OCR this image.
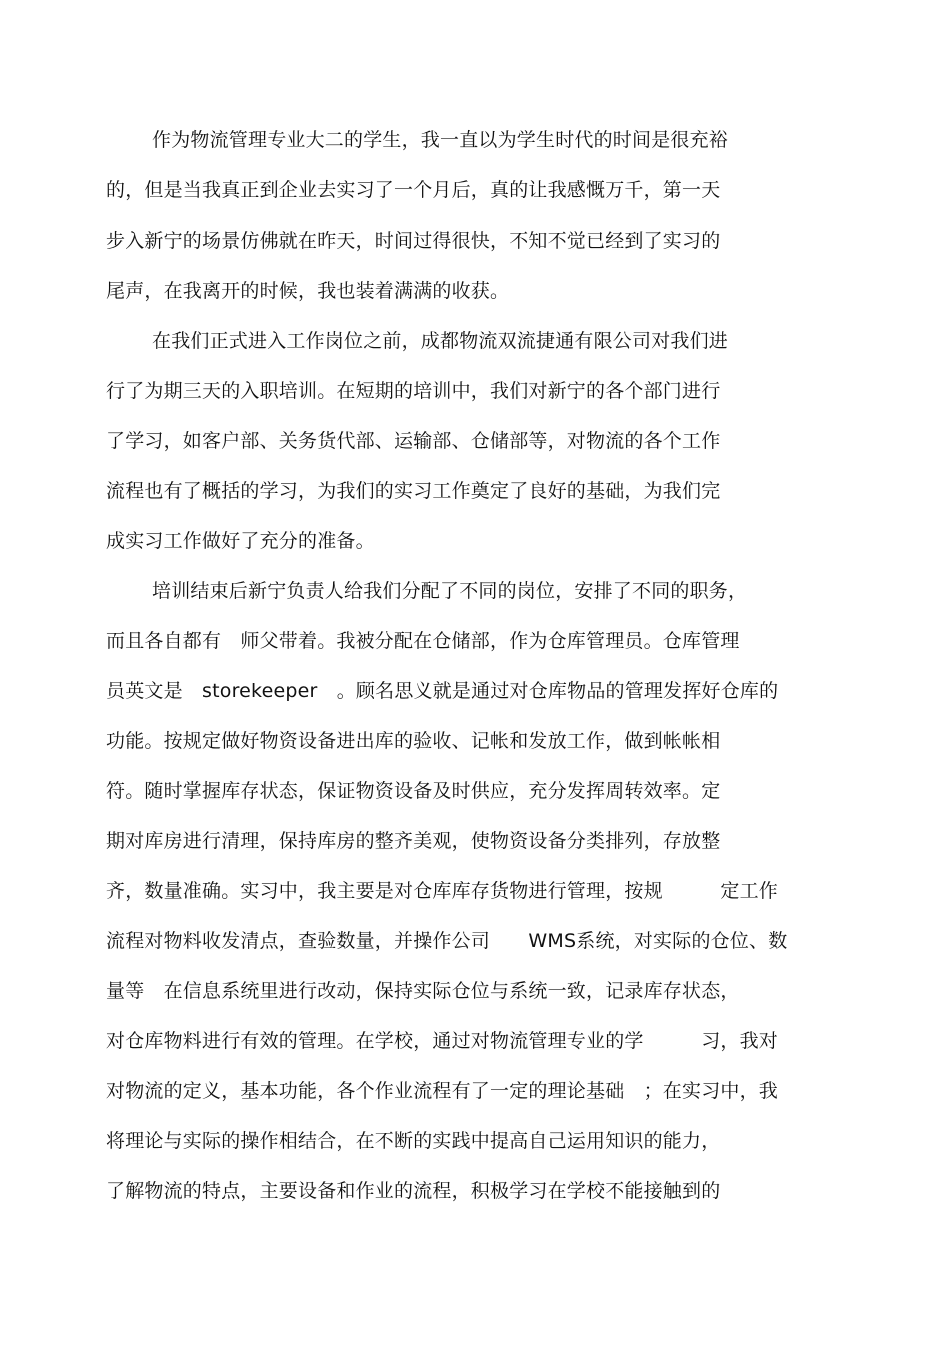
作为物流管理专业大二的学生，我一直以为学生时代的时间是很充裕
的，但是当我真正到企业去实习了一个月后，真的让我感慨万千，第一天
步入新宁的场景仿佛就在昨天，时间过得很快，不知不觉已经到了实习的
尾声，在我离开的时候，我也装着满满的收获。
在我们正式进入工作岗位之前，成都物流双流捷通有限公司对我们进
行了为期三天的入职培训。在短期的培训中，我们对新宁的各个部门进行
了学习，如客户部、关务货代部、运输部、仓储部等，对物流的各个工作
流程也有了概括的学习，为我们的实习工作奠定了良好的基础，为我们完
成实习工作做好了充分的准备。
培训结束后新宁负责人给我们分配了不同的岗位，安排了不同的职务，
而且各自都有　师父带着。我被分配在仓储部，作为仓库管理员。仓库管理
员英文是　storekeeper　。顾名思义就是通过对仓库物品的管理发挥好仓库的
功能。按规定做好物资设备进出库的验收、记帐和发放工作，做到帐帐相
符。随时掌握库存状态，保证物资设备及时供应，充分发挥周转效率。定
期对库房进行清理，保持库房的整齐美观，使物资设备分类排列，存放整
齐，数量准确。实习中，我主要是对仓库库存货物进行管理，按规　　　定工作
流程对物料收发清点，查验数量，并操作公司　　WMS系统，对实际的仓位、数
量等　在信息系统里进行改动，保持实际仓位与系统一致，记录库存状态，
对仓库物料进行有效的管理。在学校，通过对物流管理专业的学　　　习，我对
对物流的定义，基本功能，各个作业流程有了一定的理论基础　；在实习中，我
将理论与实际的操作相结合，在不断的实践中提高自己运用知识的能力，
了解物流的特点，主要设备和作业的流程，积极学习在学校不能接触到的
